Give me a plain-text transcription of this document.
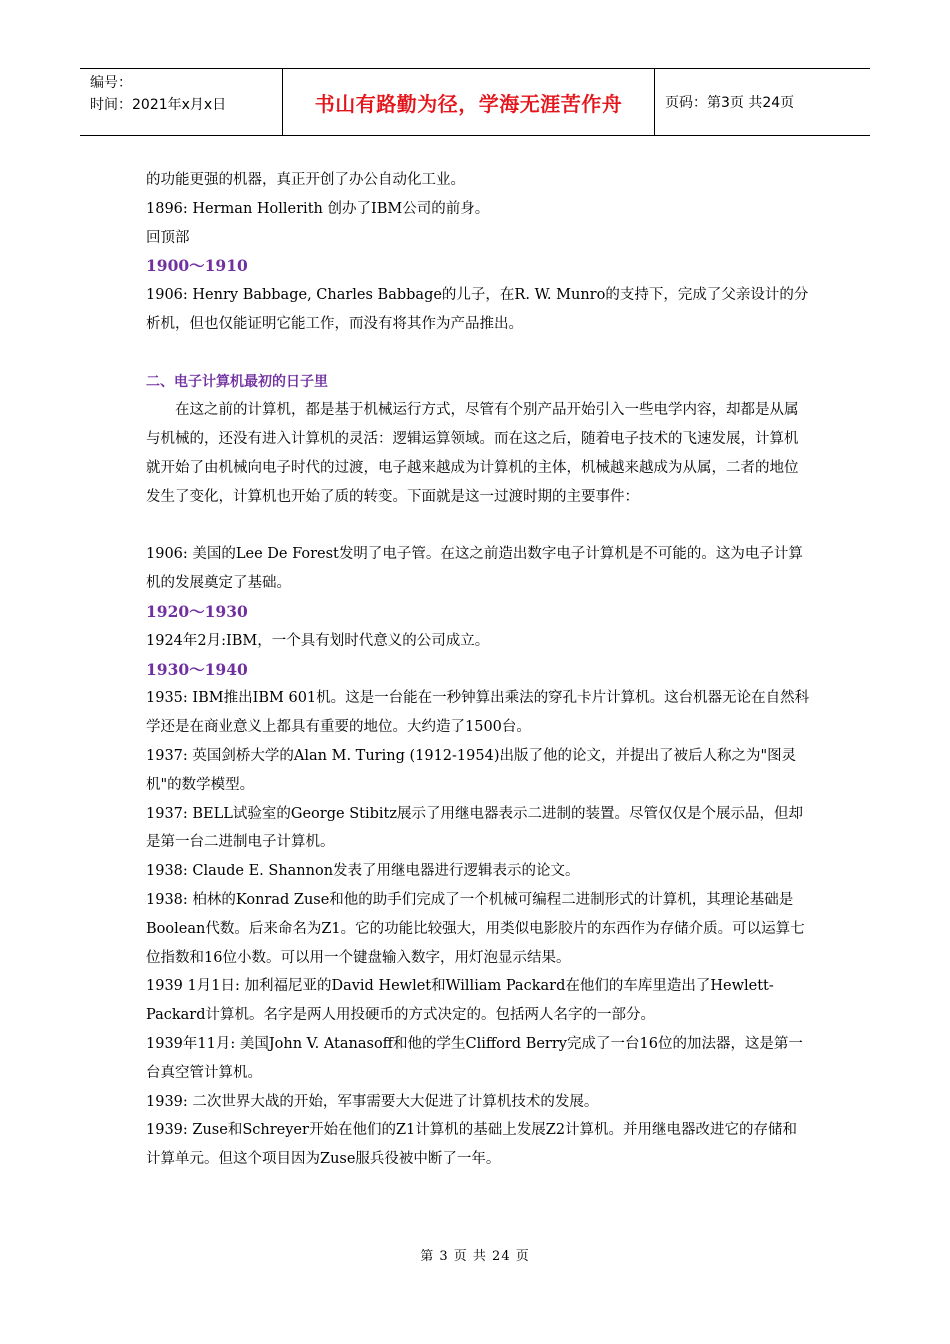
编号：
时间：2021年x月x日	书山有路勤为径，学海无涯苦作舟	页码：第3页 共24页

的功能更强的机器，真正开创了办公自动化工业。

1896: Herman Hollerith 创办了IBM公司的前身。

回顶部

1900～1910

1906: Henry Babbage, Charles Babbage的儿子，在R. W. Munro的支持下，完成了父亲设计的分析机，但也仅能证明它能工作，而没有将其作为产品推出。

二、电子计算机最初的日子里

在这之前的计算机，都是基于机械运行方式，尽管有个别产品开始引入一些电学内容，却都是从属与机械的，还没有进入计算机的灵活：逻辑运算领域。而在这之后，随着电子技术的飞速发展，计算机就开始了由机械向电子时代的过渡，电子越来越成为计算机的主体，机械越来越成为从属，二者的地位发生了变化，计算机也开始了质的转变。下面就是这一过渡时期的主要事件：

1906: 美国的Lee De Forest发明了电子管。在这之前造出数字电子计算机是不可能的。这为电子计算机的发展奠定了基础。

1920～1930

1924年2月:IBM，一个具有划时代意义的公司成立。

1930～1940

1935: IBM推出IBM 601机。这是一台能在一秒钟算出乘法的穿孔卡片计算机。这台机器无论在自然科学还是在商业意义上都具有重要的地位。大约造了1500台。

1937: 英国剑桥大学的Alan M. Turing (1912-1954)出版了他的论文，并提出了被后人称之为"图灵机"的数学模型。

1937: BELL试验室的George Stibitz展示了用继电器表示二进制的装置。尽管仅仅是个展示品，但却是第一台二进制电子计算机。

1938: Claude E. Shannon发表了用继电器进行逻辑表示的论文。

1938: 柏林的Konrad Zuse和他的助手们完成了一个机械可编程二进制形式的计算机，其理论基础是Boolean代数。后来命名为Z1。它的功能比较强大，用类似电影胶片的东西作为存储介质。可以运算七位指数和16位小数。可以用一个键盘输入数字，用灯泡显示结果。

1939 1月1日: 加利福尼亚的David Hewlet和William Packard在他们的车库里造出了Hewlett-Packard计算机。名字是两人用投硬币的方式决定的。包括两人名字的一部分。

1939年11月: 美国John V. Atanasoff和他的学生Clifford Berry完成了一台16位的加法器，这是第一台真空管计算机。

1939: 二次世界大战的开始，军事需要大大促进了计算机技术的发展。

1939: Zuse和Schreyer开始在他们的Z1计算机的基础上发展Z2计算机。并用继电器改进它的存储和计算单元。但这个项目因为Zuse服兵役被中断了一年。

第 3 页 共 24 页
